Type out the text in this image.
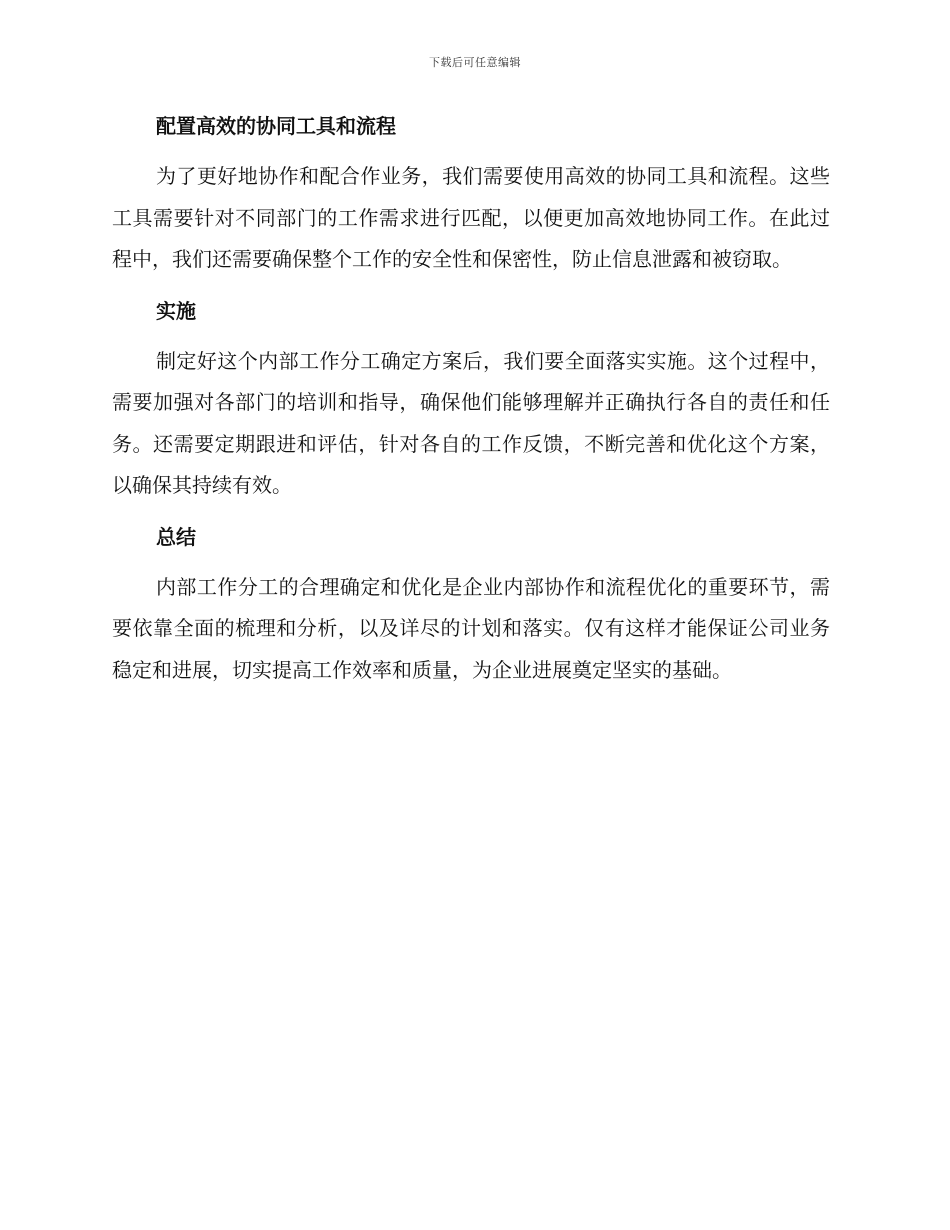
下载后可任意编辑
配置高效的协同工具和流程

为了更好地协作和配合作业务，我们需要使用高效的协同工具和流程。这些工具需要针对不同部门的工作需求进行匹配，以便更加高效地协同工作。在此过程中，我们还需要确保整个工作的安全性和保密性，防止信息泄露和被窃取。

实施

制定好这个内部工作分工确定方案后，我们要全面落实实施。这个过程中，需要加强对各部门的培训和指导，确保他们能够理解并正确执行各自的责任和任务。还需要定期跟进和评估，针对各自的工作反馈，不断完善和优化这个方案，以确保其持续有效。

总结

内部工作分工的合理确定和优化是企业内部协作和流程优化的重要环节，需要依靠全面的梳理和分析，以及详尽的计划和落实。仅有这样才能保证公司业务稳定和进展，切实提高工作效率和质量，为企业进展奠定坚实的基础。
